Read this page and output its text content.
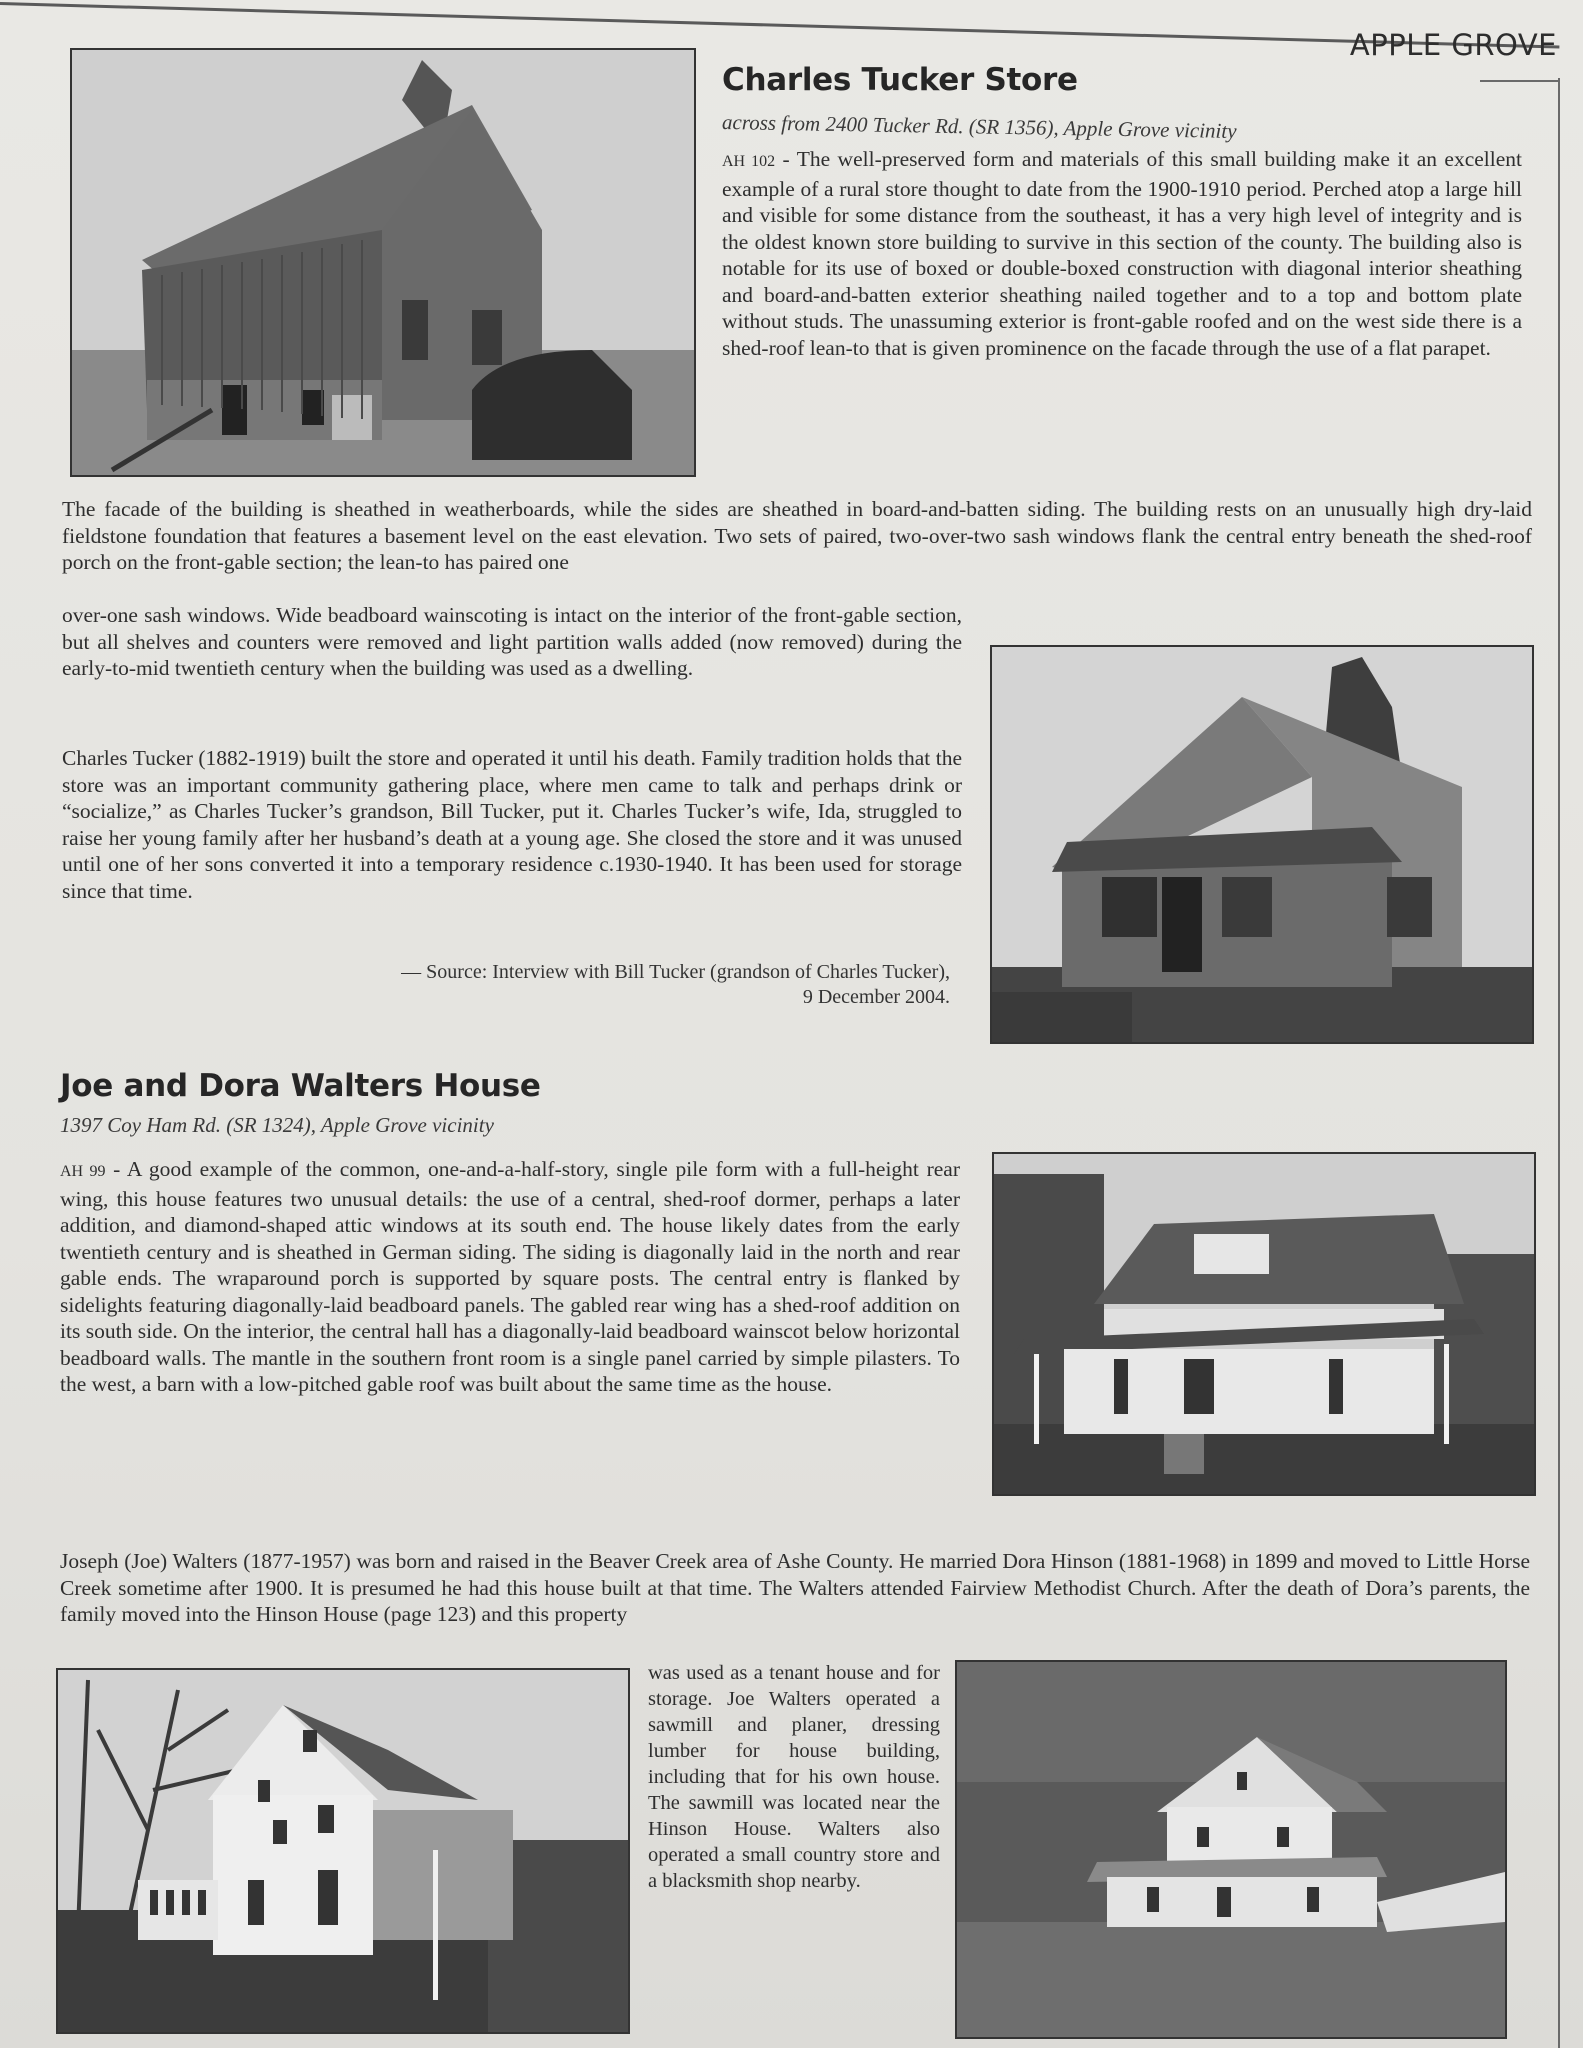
APPLE GROVE
Charles Tucker Store

across from 2400 Tucker Rd. (SR 1356), Apple Grove vicinity

AH 102 - The well-preserved form and materials of this small building make it an excellent example of a rural store thought to date from the 1900-1910 period. Perched atop a large hill and visible for some distance from the southeast, it has a very high level of integrity and is the oldest known store building to survive in this section of the county. The building also is notable for its use of boxed or double-boxed construction with diagonal interior sheathing and board-and-batten exterior sheathing nailed together and to a top and bottom plate without studs. The unassuming exterior is front-gable roofed and on the west side there is a shed-roof lean-to that is given prominence on the facade through the use of a flat parapet.

The facade of the building is sheathed in weatherboards, while the sides are sheathed in board-and-batten siding. The building rests on an unusually high dry-laid fieldstone foundation that features a basement level on the east elevation. Two sets of paired, two-over-two sash windows flank the central entry beneath the shed-roof porch on the front-gable section; the lean-to has paired one

over-one sash windows. Wide beadboard wainscoting is intact on the interior of the front-gable section, but all shelves and counters were removed and light partition walls added (now removed) during the early-to-mid twentieth century when the building was used as a dwelling.

Charles Tucker (1882-1919) built the store and operated it until his death. Family tradition holds that the store was an important community gathering place, where men came to talk and perhaps drink or “socialize,” as Charles Tucker’s grandson, Bill Tucker, put it. Charles Tucker’s wife, Ida, struggled to raise her young family after her husband’s death at a young age. She closed the store and it was unused until one of her sons converted it into a temporary residence c.1930-1940. It has been used for storage since that time.

— Source: Interview with Bill Tucker (grandson of Charles Tucker),
9 December 2004.

Joe and Dora Walters House

1397 Coy Ham Rd. (SR 1324), Apple Grove vicinity

AH 99 - A good example of the common, one-and-a-half-story, single pile form with a full-height rear wing, this house features two unusual details: the use of a central, shed-roof dormer, perhaps a later addition, and diamond-shaped attic windows at its south end. The house likely dates from the early twentieth century and is sheathed in German siding. The siding is diagonally laid in the north and rear gable ends. The wraparound porch is supported by square posts. The central entry is flanked by sidelights featuring diagonally-laid beadboard panels. The gabled rear wing has a shed-roof addition on its south side. On the interior, the central hall has a diagonally-laid beadboard wainscot below horizontal beadboard walls. The mantle in the southern front room is a single panel carried by simple pilasters. To the west, a barn with a low-pitched gable roof was built about the same time as the house.

Joseph (Joe) Walters (1877-1957) was born and raised in the Beaver Creek area of Ashe County. He married Dora Hinson (1881-1968) in 1899 and moved to Little Horse Creek sometime after 1900. It is presumed he had this house built at that time. The Walters attended Fairview Methodist Church. After the death of Dora’s parents, the family moved into the Hinson House (page 123) and this property

was used as a tenant house and for storage. Joe Walters operated a sawmill and planer, dressing lumber for house building, including that for his own house. The sawmill was located near the Hinson House. Walters also operated a small country store and a blacksmith shop nearby.
